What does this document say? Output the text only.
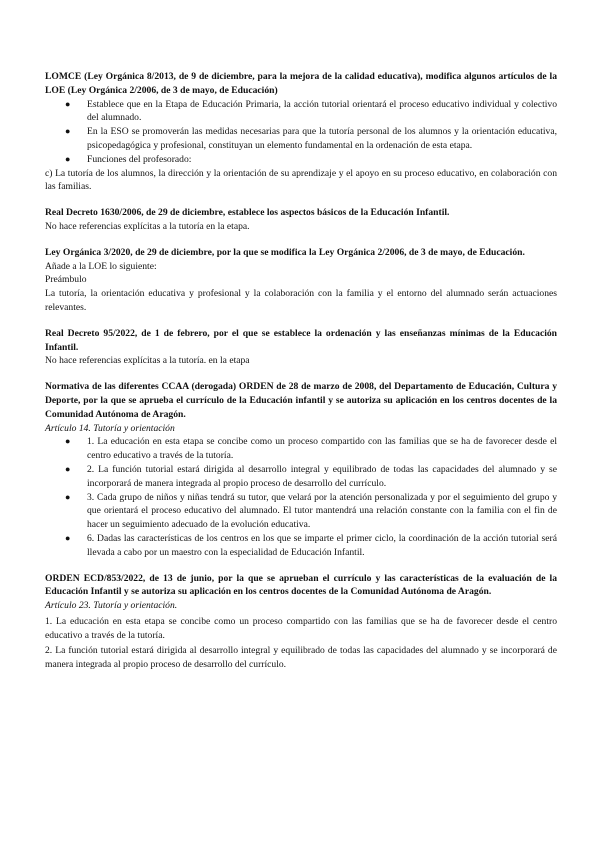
LOMCE (Ley Orgánica 8/2013, de 9 de diciembre, para la mejora de la calidad educativa), modifica algunos artículos de la LOE (Ley Orgánica 2/2006, de 3 de mayo, de Educación)

● Establece que en la Etapa de Educación Primaria, la acción tutorial orientará el proceso educativo individual y colectivo del alumnado.
● En la ESO se promoverán las medidas necesarias para que la tutoría personal de los alumnos y la orientación educativa, psicopedagógica y profesional, constituyan un elemento fundamental en la ordenación de esta etapa.
● Funciones del profesorado:

c) La tutoría de los alumnos, la dirección y la orientación de su aprendizaje y el apoyo en su proceso educativo, en colaboración con las familias.

Real Decreto 1630/2006, de 29 de diciembre, establece los aspectos básicos de la Educación Infantil.

No hace referencias explícitas a la tutoría en la etapa.

Ley Orgánica 3/2020, de 29 de diciembre, por la que se modifica la Ley Orgánica 2/2006, de 3 de mayo, de Educación.

Añade a la LOE lo siguiente:

Preámbulo

La tutoría, la orientación educativa y profesional y la colaboración con la familia y el entorno del alumnado serán actuaciones relevantes.

Real Decreto 95/2022, de 1 de febrero, por el que se establece la ordenación y las enseñanzas mínimas de la Educación Infantil.

No hace referencias explícitas a la tutoría. en la etapa

Normativa de las diferentes CCAA (derogada) ORDEN de 28 de marzo de 2008, del Departamento de Educación, Cultura y Deporte, por la que se aprueba el currículo de la Educación infantil y se autoriza su aplicación en los centros docentes de la Comunidad Autónoma de Aragón.

Artículo 14. Tutoría y orientación

● 1. La educación en esta etapa se concibe como un proceso compartido con las familias que se ha de favorecer desde el centro educativo a través de la tutoría.
● 2. La función tutorial estará dirigida al desarrollo integral y equilibrado de todas las capacidades del alumnado y se incorporará de manera integrada al propio proceso de desarrollo del currículo.
● 3. Cada grupo de niños y niñas tendrá su tutor, que velará por la atención personalizada y por el seguimiento del grupo y que orientará el proceso educativo del alumnado. El tutor mantendrá una relación constante con la familia con el fin de hacer un seguimiento adecuado de la evolución educativa.
● 6. Dadas las características de los centros en los que se imparte el primer ciclo, la coordinación de la acción tutorial será llevada a cabo por un maestro con la especialidad de Educación Infantil.

ORDEN ECD/853/2022, de 13 de junio, por la que se aprueban el currículo y las características de la evaluación de la Educación Infantil y se autoriza su aplicación en los centros docentes de la Comunidad Autónoma de Aragón.

Artículo 23. Tutoría y orientación.

1. La educación en esta etapa se concibe como un proceso compartido con las familias que se ha de favorecer desde el centro educativo a través de la tutoría.

2. La función tutorial estará dirigida al desarrollo integral y equilibrado de todas las capacidades del alumnado y se incorporará de manera integrada al propio proceso de desarrollo del currículo.
